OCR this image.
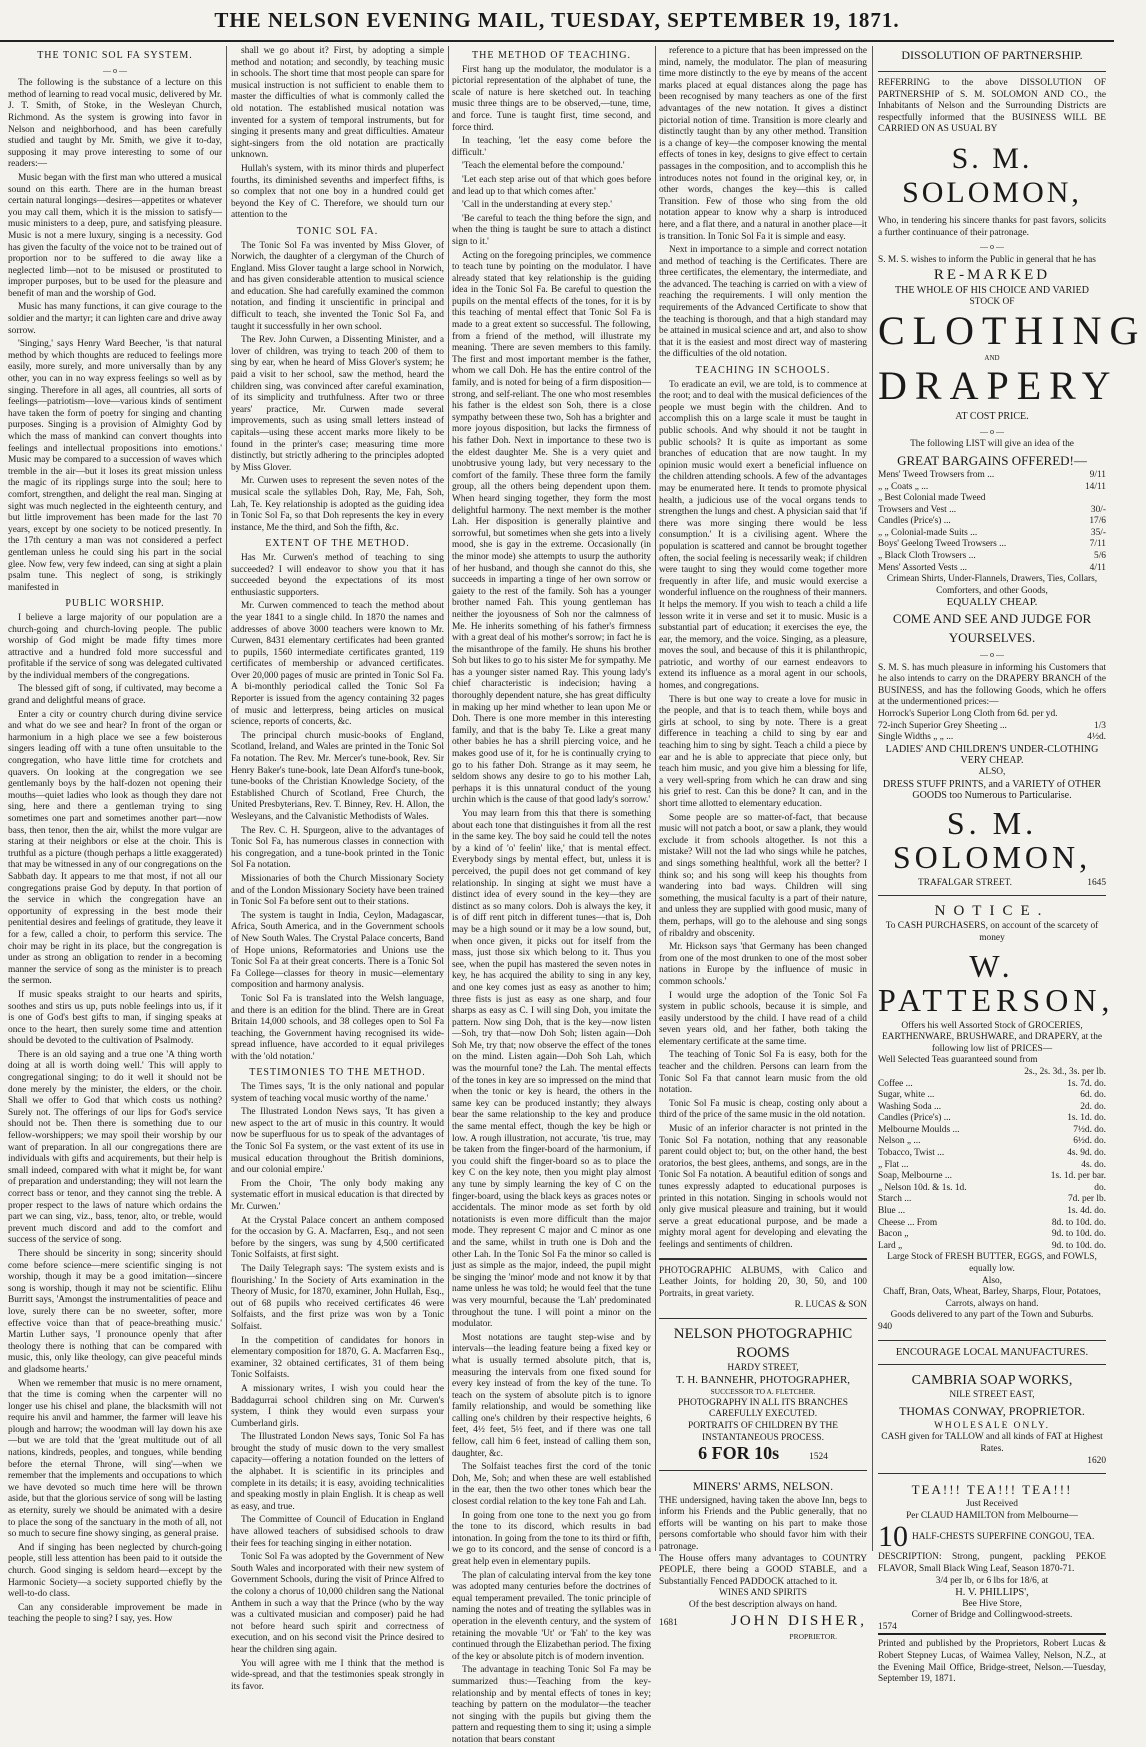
THE NELSON EVENING MAIL, TUESDAY, SEPTEMBER 19, 1871.
THE TONIC SOL FA SYSTEM.
— o —

The following is the substance of a lecture on this method of learning to read vocal music, delivered by Mr. J. T. Smith, of Stoke, in the Wesleyan Church, Richmond. As the system is growing into favor in Nelson and neighborhood, and has been carefully studied and taught by Mr. Smith, we give it to-day, supposing it may prove interesting to some of our readers:—

Music began with the first man who uttered a musical sound on this earth. There are in the human breast certain natural longings—desires—appetites or whatever you may call them, which it is the mission to satisfy—music ministers to a deep, pure, and satisfying pleasure. Music is not a mere luxury, singing is a necessity. God has given the faculty of the voice not to be trained out of proportion nor to be suffered to die away like a neglected limb—not to be misused or prostituted to improper purposes, but to be used for the pleasure and benefit of man and the worship of God.

Music has many functions, it can give courage to the soldier and the martyr; it can lighten care and drive away sorrow.

'Singing,' says Henry Ward Beecher, 'is that natural method by which thoughts are reduced to feelings more easily, more surely, and more universally than by any other, you can in no way express feelings so well as by singing. Therefore in all ages, all countries, all sorts of feelings—patriotism—love—various kinds of sentiment have taken the form of poetry for singing and chanting purposes. Singing is a provision of Almighty God by which the mass of mankind can convert thoughts into feelings and intellectual propositions into emotions.' Music may be compared to a succession of waves which tremble in the air—but it loses its great mission unless the magic of its ripplings surge into the soul; here to comfort, strengthen, and delight the real man. Singing at sight was much neglected in the eighteenth century, and but little improvement has been made for the last 70 years, except by one society to be noticed presently. In the 17th century a man was not considered a perfect gentleman unless he could sing his part in the social glee. Now few, very few indeed, can sing at sight a plain psalm tune. This neglect of song, is strikingly manifested in

PUBLIC WORSHIP.

I believe a large majority of our population are a church-going and church-loving people. The public worship of God might be made fifty times more attractive and a hundred fold more successful and profitable if the service of song was delegated cultivated by the individual members of the congregations.

The blessed gift of song, if cultivated, may become a grand and delightful means of grace.

Enter a city or country church during divine service and what do we see and hear? In front of the organ or harmonium in a high place we see a few boisterous singers leading off with a tune often unsuitable to the congregation, who have little time for crotchets and quavers. On looking at the congregation we see gentlemanly boys by the half-dozen not opening their mouths—quiet ladies who look as though they dare not sing, here and there a gentleman trying to sing sometimes one part and sometimes another part—now bass, then tenor, then the air, whilst the more vulgar are staring at their neighbors or else at the choir. This is truthful as a picture (though perhaps a little exaggerated) that may be witnessed in any of our congregations on the Sabbath day. It appears to me that most, if not all our congregations praise God by deputy. In that portion of the service in which the congregation have an opportunity of expressing in the best mode their penitential desires and feelings of gratitude, they leave it for a few, called a choir, to perform this service. The choir may be right in its place, but the congregation is under as strong an obligation to render in a becoming manner the service of song as the minister is to preach the sermon.

If music speaks straight to our hearts and spirits, soothes and stirs us up, puts noble feelings into us, if it is one of God's best gifts to man, if singing speaks at once to the heart, then surely some time and attention should be devoted to the cultivation of Psalmody.

There is an old saying and a true one 'A thing worth doing at all is worth doing well.' This will apply to congregational singing; to do it well it should not be done merely by the minister, the elders, or the choir. Shall we offer to God that which costs us nothing? Surely not. The offerings of our lips for God's service should not be. Then there is something due to our fellow-worshippers; we may spoil their worship by our want of preparation. In all our congregations there are individuals with gifts and acquirements, but their help is small indeed, compared with what it might be, for want of preparation and understanding; they will not learn the correct bass or tenor, and they cannot sing the treble. A proper respect to the laws of nature which ordains the part we can sing, viz., bass, tenor, alto, or treble, would prevent much discord and add to the comfort and success of the service of song.

There should be sincerity in song; sincerity should come before science—mere scientific singing is not worship, though it may be a good imitation—sincere song is worship, though it may not be scientific. Elihu Burritt says, 'Amongst the instrumentalities of peace and love, surely there can be no sweeter, softer, more effective voice than that of peace-breathing music.' Martin Luther says, 'I pronounce openly that after theology there is nothing that can be compared with music, this, only like theology, can give peaceful minds and gladsome hearts.'

When we remember that music is no mere ornament, that the time is coming when the carpenter will no longer use his chisel and plane, the blacksmith will not require his anvil and hammer, the farmer will leave his plough and harrow; the woodman will lay down his axe—but we are told that the 'great multitude out of all nations, kindreds, peoples, and tongues, while bending before the eternal Throne, will sing'—when we remember that the implements and occupations to which we have devoted so much time here will be thrown aside, but that the glorious service of song will be lasting as eternity, surely we should be animated with a desire to place the song of the sanctuary in the moth of all, not so much to secure fine showy singing, as general praise.

And if singing has been neglected by church-going people, still less attention has been paid to it outside the church. Good singing is seldom heard—except by the Harmonic Society—a society supported chiefly by the well-to-do class.

Can any considerable improvement be made in teaching the people to sing? I say, yes. How

shall we go about it? First, by adopting a simple method and notation; and secondly, by teaching music in schools. The short time that most people can spare for musical instruction is not sufficient to enable them to master the difficulties of what is commonly called the old notation. The established musical notation was invented for a system of temporal instruments, but for singing it presents many and great difficulties. Amateur sight-singers from the old notation are practically unknown.

Hullah's system, with its minor thirds and pluperfect fourths, its diminished sevenths and imperfect fifths, is so complex that not one boy in a hundred could get beyond the Key of C. Therefore, we should turn our attention to the

TONIC SOL FA.

The Tonic Sol Fa was invented by Miss Glover, of Norwich, the daughter of a clergyman of the Church of England. Miss Glover taught a large school in Norwich, and has given considerable attention to musical science and education. She had carefully examined the common notation, and finding it unscientific in principal and difficult to teach, she invented the Tonic Sol Fa, and taught it successfully in her own school.

The Rev. John Curwen, a Dissenting Minister, and a lover of children, was trying to teach 200 of them to sing by ear, when he heard of Miss Glover's system; he paid a visit to her school, saw the method, heard the children sing, was convinced after careful examination, of its simplicity and truthfulness. After two or three years' practice, Mr. Curwen made several improvements, such as using small letters instead of capitals—using these accent marks more likely to be found in the printer's case; measuring time more distinctly, but strictly adhering to the principles adopted by Miss Glover.

Mr. Curwen uses to represent the seven notes of the musical scale the syllables Doh, Ray, Me, Fah, Soh, Lah, Te. Key relationship is adopted as the guiding idea in Tonic Sol Fa, so that Doh represents the key in every instance, Me the third, and Soh the fifth, &c.

EXTENT OF THE METHOD.

Has Mr. Curwen's method of teaching to sing succeeded? I will endeavor to show you that it has succeeded beyond the expectations of its most enthusiastic supporters.

Mr. Curwen commenced to teach the method about the year 1841 to a single child. In 1870 the names and addresses of above 3000 teachers were known to Mr. Curwen, 8431 elementary certificates had been granted to pupils, 1560 intermediate certificates granted, 119 certificates of membership or advanced certificates. Over 20,000 pages of music are printed in Tonic Sol Fa. A bi-monthly periodical called the Tonic Sol Fa Reporter is issued from the agency containing 32 pages of music and letterpress, being articles on musical science, reports of concerts, &c.

The principal church music-books of England, Scotland, Ireland, and Wales are printed in the Tonic Sol Fa notation. The Rev. Mr. Mercer's tune-book, Rev. Sir Henry Baker's tune-book, late Dean Alford's tune-book, tune-books of the Christian Knowledge Society, of the Established Church of Scotland, Free Church, the United Presbyterians, Rev. T. Binney, Rev. H. Allon, the Wesleyans, and the Calvanistic Methodists of Wales.

The Rev. C. H. Spurgeon, alive to the advantages of Tonic Sol Fa, has numerous classes in connection with his congregation, and a tune-book printed in the Tonic Sol Fa notation.

Missionaries of both the Church Missionary Society and of the London Missionary Society have been trained in Tonic Sol Fa before sent out to their stations.

The system is taught in India, Ceylon, Madagascar, Africa, South America, and in the Government schools of New South Wales. The Crystal Palace concerts, Band of Hope unions, Reformatories and Unions use the Tonic Sol Fa at their great concerts. There is a Tonic Sol Fa College—classes for theory in music—elementary composition and harmony analysis.

Tonic Sol Fa is translated into the Welsh language, and there is an edition for the blind. There are in Great Britain 14,000 schools, and 38 colleges open to Sol Fa teaching, the Government having recognised its wide-spread influence, have accorded to it equal privileges with the 'old notation.'

TESTIMONIES TO THE METHOD.

The Times says, 'It is the only national and popular system of teaching vocal music worthy of the name.'

The Illustrated London News says, 'It has given a new aspect to the art of music in this country. It would now be superfluous for us to speak of the advantages of the Tonic Sol Fa system, or the vast extent of its use in musical education throughout the British dominions, and our colonial empire.'

From the Choir, 'The only body making any systematic effort in musical education is that directed by Mr. Curwen.'

At the Crystal Palace concert an anthem composed for the occasion by G. A. Macfarren, Esq., and not seen before by the singers, was sung by 4,500 certificated Tonic Solfaists, at first sight.

The Daily Telegraph says: 'The system exists and is flourishing.' In the Society of Arts examination in the Theory of Music, for 1870, examiner, John Hullah, Esq., out of 68 pupils who received certificates 46 were Solfaists, and the first prize was won by a Tonic Solfaist.

In the competition of candidates for honors in elementary composition for 1870, G. A. Macfarren Esq., examiner, 32 obtained certificates, 31 of them being Tonic Solfaists.

A missionary writes, I wish you could hear the Baddagurrai school children sing on Mr. Curwen's system, I think they would even surpass your Cumberland girls.

The Illustrated London News says, Tonic Sol Fa has brought the study of music down to the very smallest capacity—offering a notation founded on the letters of the alphabet. It is scientific in its principles and complete in its details; it is easy, avoiding technicalities and speaking mostly in plain English. It is cheap as well as easy, and true.

The Committee of Council of Education in England have allowed teachers of subsidised schools to draw their fees for teaching singing in either notation.

Tonic Sol Fa was adopted by the Government of New South Wales and incorporated with their new system of Government Schools, during the visit of Prince Alfred to the colony a chorus of 10,000 children sang the National Anthem in such a way that the Prince (who by the way was a cultivated musician and composer) paid he had not before heard such spirit and correctness of execution, and on his second visit the Prince desired to hear the children sing again.

You will agree with me I think that the method is wide-spread, and that the testimonies speak strongly in its favor.

THE METHOD OF TEACHING.

First hang up the modulator, the modulator is a pictorial representation of the alphabet of tune, the scale of nature is here sketched out. In teaching music three things are to be observed,—tune, time, and force. Tune is taught first, time second, and force third.

In teaching, 'let the easy come before the difficult.'

'Teach the elemental before the compound.'

'Let each step arise out of that which goes before and lead up to that which comes after.'

'Call in the understanding at every step.'

'Be careful to teach the thing before the sign, and when the thing is taught be sure to attach a distinct sign to it.'

Acting on the foregoing principles, we commence to teach tune by pointing on the modulator. I have already stated that key relationship is the guiding idea in the Tonic Sol Fa. Be careful to question the pupils on the mental effects of the tones, for it is by this teaching of mental effect that Tonic Sol Fa is made to a great extent so successful. The following, from a friend of the method, will illustrate my meaning. 'There are seven members to this family. The first and most important member is the father, whom we call Doh. He has the entire control of the family, and is noted for being of a firm disposition—strong, and self-reliant. The one who most resembles his father is the eldest son Soh, there is a close sympathy between these two, Soh has a brighter and more joyous disposition, but lacks the firmness of his father Doh. Next in importance to these two is the eldest daughter Me. She is a very quiet and unobtrusive young lady, but very necessary to the comfort of the family. These three form the family group, all the others being dependent upon them. When heard singing together, they form the most delightful harmony. The next member is the mother Lah. Her disposition is generally plaintive and sorrowful, but sometimes when she gets into a lively mood, she is gay in the extreme. Occasionally (in the minor mode) she attempts to usurp the authority of her husband, and though she cannot do this, she succeeds in imparting a tinge of her own sorrow or gaiety to the rest of the family. Soh has a younger brother named Fah. This young gentleman has neither the joyousness of Soh nor the calmness of Me. He inherits something of his father's firmness with a great deal of his mother's sorrow; in fact he is the misanthrope of the family. He shuns his brother Soh but likes to go to his sister Me for sympathy. Me has a younger sister named Ray. This young lady's chief characteristic is indecision; having a thoroughly dependent nature, she has great difficulty in making up her mind whether to lean upon Me or Doh. There is one more member in this interesting family, and that is the baby Te. Like a great many other babies he has a shrill piercing voice, and he makes good use of it, for he is continually crying to go to his father Doh. Strange as it may seem, he seldom shows any desire to go to his mother Lah, perhaps it is this unnatural conduct of the young urchin which is the cause of that good lady's sorrow.'

You may learn from this that there is something about each tone that distinguishes it from all the rest in the same key. The boy said he could tell the notes by a kind of 'o' feelin' like,' that is mental effect. Everybody sings by mental effect, but, unless it is perceived, the pupil does not get command of key relationship. In singing at sight we must have a distinct idea of every sound in the key—they are distinct as so many colors. Doh is always the key, it is of diff rent pitch in different tunes—that is, Doh may be a high sound or it may be a low sound, but, when once given, it picks out for itself from the mass, just those six which belong to it. Thus you see, when the pupil has mastered the seven notes in key, he has acquired the ability to sing in any key, and one key comes just as easy as another to him; three fists is just as easy as one sharp, and four sharps as easy as C. I will sing Doh, you imitate the pattern. Now sing Doh, that is the key—now listen—Soh, try that—now Doh Soh; listen again—Doh Soh Me, try that; now observe the effect of the tones on the mind. Listen again—Doh Soh Lah, which was the mournful tone? the Lah. The mental effects of the tones in key are so impressed on the mind that when the tonic or key is heard, the others in the same key can be produced instantly; they always bear the same relationship to the key and produce the same mental effect, though the key be high or low. A rough illustration, not accurate, 'tis true, may be taken from the finger-board of the harmonium, if you could shift the finger-board so as to place the key C on the key note, then you might play almost any tune by simply learning the key of C on the finger-board, using the black keys as graces notes or accidentals. The minor mode as set forth by old notationists is even more difficult than the major mode. They represent C major and C minor as one and the same, whilst in truth one is Doh and the other Lah. In the Tonic Sol Fa the minor so called is just as simple as the major, indeed, the pupil might be singing the 'minor' mode and not know it by that name unless he was told; he would feel that the tune was very mournful, because the 'Lah' predominated throughout the tune. I will point a minor on the modulator.

Most notations are taught step-wise and by intervals—the leading feature being a fixed key or what is usually termed absolute pitch, that is, measuring the intervals from one fixed sound for every key instead of from the key of the tune. To teach on the system of absolute pitch is to ignore family relationship, and would be something like calling one's children by their respective heights, 6 feet, 4½ feet, 5½ feet, and if there was one tall fellow, call him 6 feet, instead of calling them son, daughter, &c.

The Solfaist teaches first the cord of the tonic Doh, Me, Soh; and when these are well established in the ear, then the two other tones which bear the closest cordial relation to the key tone Fah and Lah.

In going from one tone to the next you go from the tone to its discord, which results in bad intonation. In going from the tone to its third or fifth, we go to its concord, and the sense of concord is a great help even in elementary pupils.

The plan of calculating interval from the key tone was adopted many centuries before the doctrines of equal temperament prevailed. The tonic principle of naming the notes and of treating the syllables was in operation in the eleventh century, and the system of retaining the movable 'Ut' or 'Fah' to the key was continued through the Elizabethan period. The fixing of the key or absolute pitch is of modern invention.

The advantage in teaching Tonic Sol Fa may be summarized thus:—Teaching from the key-relationship and by mental effects of tones in key; teaching by pattern on the modulator—the teacher not singing with the pupils but giving them the pattern and requesting them to sing it; using a simple notation that bears constant

reference to a picture that has been impressed on the mind, namely, the modulator. The plan of measuring time more distinctly to the eye by means of the accent marks placed at equal distances along the page has been recognised by many teachers as one of the first advantages of the new notation. It gives a distinct pictorial notion of time. Transition is more clearly and distinctly taught than by any other method. Transition is a change of key—the composer knowing the mental effects of tones in key, designs to give effect to certain passages in the composition, and to accomplish this he introduces notes not found in the original key, or, in other words, changes the key—this is called Transition. Few of those who sing from the old notation appear to know why a sharp is introduced here, and a flat there, and a natural in another place—it is transition. In Tonic Sol Fa it is simple and easy.

Next in importance to a simple and correct notation and method of teaching is the Certificates. There are three certificates, the elementary, the intermediate, and the advanced. The teaching is carried on with a view of reaching the requirements. I will only mention the requirements of the Advanced Certificate to show that the teaching is thorough, and that a high standard may be attained in musical science and art, and also to show that it is the easiest and most direct way of mastering the difficulties of the old notation.

TEACHING IN SCHOOLS.

To eradicate an evil, we are told, is to commence at the root; and to deal with the musical deficiences of the people we must begin with the children. And to accomplish this on a large scale it must be taught in public schools. And why should it not be taught in public schools? It is quite as important as some branches of education that are now taught. In my opinion music would exert a beneficial influence on the children attending schools. A few of the advantages may be enumerated here. It tends to promote physical health, a judicious use of the vocal organs tends to strengthen the lungs and chest. A physician said that 'if there was more singing there would be less consumption.' It is a civilising agent. Where the population is scattered and cannot be brought together often, the social feeling is necessarily weak; if children were taught to sing they would come together more frequently in after life, and music would exercise a wonderful influence on the roughness of their manners. It helps the memory. If you wish to teach a child a life lesson write it in verse and set it to music. Music is a substantial part of education; it exercises the eye, the ear, the memory, and the voice. Singing, as a pleasure, moves the soul, and because of this it is philanthropic, patriotic, and worthy of our earnest endeavors to extend its influence as a moral agent in our schools, homes, and congregations.

There is but one way to create a love for music in the people, and that is to teach them, while boys and girls at school, to sing by note. There is a great difference in teaching a child to sing by ear and teaching him to sing by sight. Teach a child a piece by ear and he is able to appreciate that piece only, but teach him music, and you give him a blessing for life, a very well-spring from which he can draw and sing his grief to rest. Can this be done? It can, and in the short time allotted to elementary education.

Some people are so matter-of-fact, that because music will not patch a boot, or saw a plank, they would exclude it from schools altogether. Is not this a mistake? Will not the lad who sings while he patches, and sings something healthful, work all the better? I think so; and his song will keep his thoughts from wandering into bad ways. Children will sing something, the musical faculty is a part of their nature, and unless they are supplied with good music, many of them, perhaps, will go to the alehouse and sing songs of ribaldry and obscenity.

Mr. Hickson says 'that Germany has been changed from one of the most drunken to one of the most sober nations in Europe by the influence of music in common schools.'

I would urge the adoption of the Tonic Sol Fa system in public schools, because it is simple, and easily understood by the child. I have read of a child seven years old, and her father, both taking the elementary certificate at the same time.

The teaching of Tonic Sol Fa is easy, both for the teacher and the children. Persons can learn from the Tonic Sol Fa that cannot learn music from the old notation.

Tonic Sol Fa music is cheap, costing only about a third of the price of the same music in the old notation.

Music of an inferior character is not printed in the Tonic Sol Fa notation, nothing that any reasonable parent could object to; but, on the other hand, the best oratorios, the best glees, anthems, and songs, are in the Tonic Sol Fa notation. A beautiful edition of songs and tunes expressly adapted to educational purposes is printed in this notation. Singing in schools would not only give musical pleasure and training, but it would serve a great educational purpose, and be made a mighty moral agent for developing and elevating the feelings and sentiments of children.

PHOTOGRAPHIC ALBUMS, with Calico and Leather Joints, for holding 20, 30, 50, and 100 Portraits, in great variety.
R. LUCAS & SON
NELSON PHOTOGRAPHIC ROOMS
HARDY STREET,
T. H. BANNEHR, PHOTOGRAPHER,
SUCCESSOR TO A. FLETCHER.
PHOTOGRAPHY IN ALL ITS BRANCHES
CAREFULLY EXECUTED.
PORTRAITS OF CHILDREN BY THE
INSTANTANEOUS PROCESS.
6 FOR 10s	1524
MINERS' ARMS, NELSON.
THE undersigned, having taken the above Inn, begs to inform his Friends and the Public generally, that no efforts will be wanting on his part to make those persons comfortable who should favor him with their patronage.
The House offers many advantages to COUNTRY PEOPLE, there being a GOOD STABLE, and a Substantially Fenced PADDOCK attached to it.
WINES AND SPIRITS
Of the best description always on hand.
1681	JOHN DISHER,
PROPRIETOR.
DISSOLUTION OF PARTNERSHIP.
REFERRING to the above DISSOLUTION OF PARTNERSHIP of S. M. SOLOMON AND CO., the Inhabitants of Nelson and the Surrounding Districts are respectfully informed that the BUSINESS WILL BE CARRIED ON AS USUAL BY
S. M. SOLOMON,
Who, in tendering his sincere thanks for past favors, solicits a further continuance of their patronage.
— o —
S. M. S. wishes to inform the Public in general that he has
RE-MARKED
THE WHOLE OF HIS CHOICE AND VARIED
STOCK OF
CLOTHING
AND
DRAPERY
AT COST PRICE.
— o —
The following LIST will give an idea of the
GREAT BARGAINS OFFERED!—
Mens' Tweed Trowsers from ...	9/11
„ „ Coats „ ...	14/11
„ Best Colonial made Tweed
Trowsers and Vest ...	30/-
Candles (Price's) ...	17/6
„ „ Colonial-made Suits ...	35/-
Boys' Geelong Tweed Trowsers ...	7/11
„ Black Cloth Trowsers ...	5/6
Mens' Assorted Vests ...	4/11
Crimean Shirts, Under-Flannels, Drawers, Ties, Collars, Comforters, and other Goods,
EQUALLY CHEAP.
COME AND SEE AND JUDGE FOR YOURSELVES.
— o —
S. M. S. has much pleasure in informing his Customers that he also intends to carry on the DRAPERY BRANCH of the BUSINESS, and has the following Goods, which he offers at the undermentioned prices:—
Horrock's Superior Long Cloth from 6d. per yd.
72-inch Superior Grey Sheeting ...	1/3
Single Widths „ „ ...	4½d.
LADIES' AND CHILDREN'S UNDER-CLOTHING VERY CHEAP.
ALSO,
DRESS STUFF PRINTS, and a VARIETY of OTHER GOODS too Numerous to Particularise.
S. M. SOLOMON,
TRAFALGAR STREET.	1645
NOTICE.
To CASH PURCHASERS, on account of the scarcety of money
W. PATTERSON,
Offers his well Assorted Stock of GROCERIES, EARTHENWARE, BRUSHWARE, and DRAPERY, at the following low list of PRICES—
Well Selected Teas guaranteed sound from
2s., 2s. 3d., 3s. per lb.
Coffee ...	1s. 7d. do.
Sugar, white ...	6d. do.
Washing Soda ...	2d. do.
Candles (Price's) ...	1s. 1d. do.
Melbourne Moulds ...	7½d. do.
Nelson „ ...	6½d. do.
Tobacco, Twist ...	4s. 9d. do.
„ Flat ...	4s. do.
Soap, Melbourne ...	1s. 1d. per bar.
„ Nelson 10d. & 1s. 1d.	do.
Starch ...	7d. per lb.
Blue ...	1s. 4d. do.
Cheese ... From	8d. to 10d. do.
Bacon „	9d. to 10d. do.
Lard „	9d. to 10d. do.
Large Stock of FRESH BUTTER, EGGS, and FOWLS, equally low.
Also,
Chaff, Bran, Oats, Wheat, Barley, Sharps, Flour, Potatoes, Carrots, always on hand.
Goods delivered to any part of the Town and Suburbs.
940
ENCOURAGE LOCAL MANUFACTURES.
CAMBRIA SOAP WORKS,
NILE STREET EAST,
THOMAS CONWAY, PROPRIETOR.
WHOLESALE ONLY.
CASH given for TALLOW and all kinds of FAT at Highest Rates.
1620
TEA!!! TEA!!! TEA!!!
Just Received
Per CLAUD HAMILTON from Melbourne—
10 HALF-CHESTS SUPERFINE CONGOU, TEA.
DESCRIPTION: Strong, pungent, packling PEKOE FLAVOR, Small Black Wing Leaf, Season 1870-71.
3/4 per lb, or 6 lbs for 18/6, at
H. V. PHILLIPS',
Bee Hive Store,
Corner of Bridge and Collingwood-streets.
1574
Printed and published by the Proprietors, Robert Lucas & Robert Stepney Lucas, of Waimea Valley, Nelson, N.Z., at the Evening Mail Office, Bridge-street, Nelson.—Tuesday, September 19, 1871.
